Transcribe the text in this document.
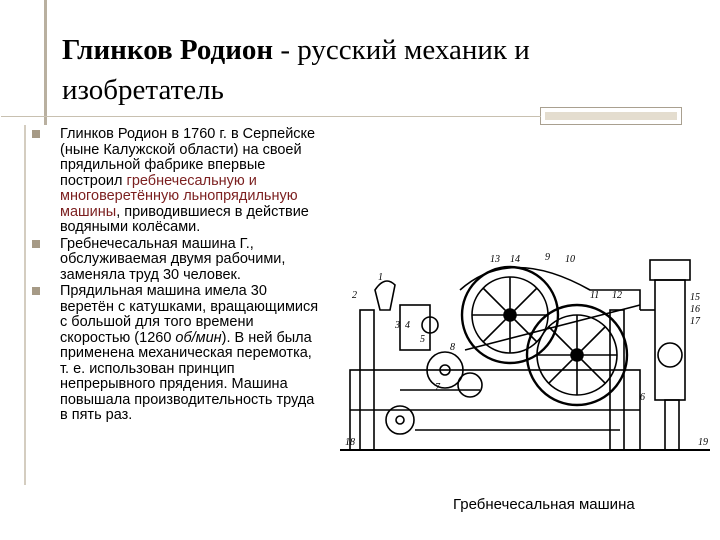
Глинков Родион - русский механик и изобретатель
Глинков Родион в 1760 г. в Серпейске (ныне Калужской области) на своей прядильной фабрике впервые построил гребнечесальную и многоверетённую льнопрядильную машины, приводившиеся в действие водяными колёсами.
Гребнечесальная машина Г., обслуживаемая двумя рабочими, заменяла труд 30 человек.
Прядильная машина имела 30 веретён с катушками, вращающимися с большой для того времени скоростью (1260 об/мин). В ней была применена механическая перемотка, т. е. использован принцип непрерывного прядения. Машина повышала производительность труда в пять раз.
1
2
3 4
5
6
7
8
9 10
11 12
13 14
15
16
17
18	19
Гребнечесальная машина
